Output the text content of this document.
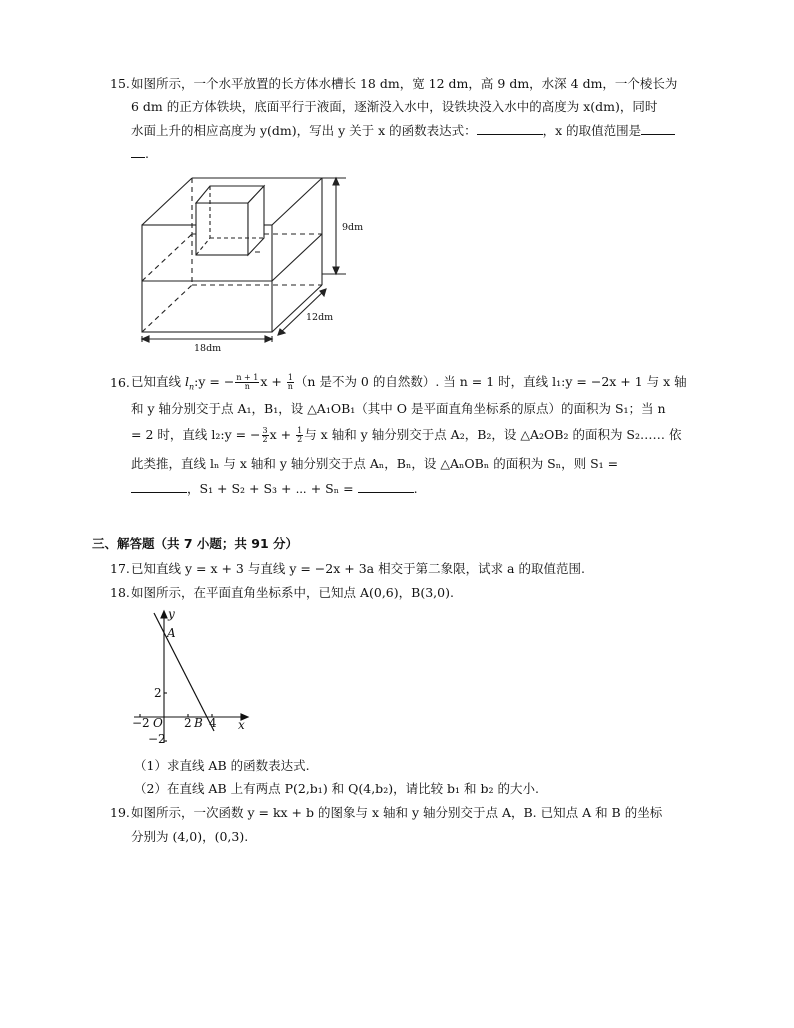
15. 如图所示，一个水平放置的长方体水槽长 18 dm，宽 12 dm，高 9 dm，水深 4 dm，一个棱长为
6 dm 的正方体铁块，底面平行于液面，逐渐没入水中，设铁块没入水中的高度为 x(dm)，同时
水面上升的相应高度为 y(dm)，写出 y 关于 x 的函数表达式：	，x 的取值范围是
.
9dm
12dm
18dm
16. 已知直线 $l_n:y$ = − $\frac{n + 1}{n}$ $x + \frac{1}{n} (n$ 是不为 0 的自然数）. 当 n = 1 时，直线 l₁:y = −2x + 1 与 x 轴
和 y 轴分别交于点 A₁，B₁，设 △A₁OB₁（其中 O 是平面直角坐标系的原点）的面积为 S₁；当 n
= 2 时，直线 l₂:y = − $\frac{3}{2}$ $x + \frac{1}{2}$ 与 x 轴和 y 轴分别交于点 A₂，B₂，设 △A₂OB₂ 的面积为 S₂…… 依
此类推，直线 lₙ 与 x 轴和 y 轴分别交于点 Aₙ，Bₙ，设 △AₙOBₙ 的面积为 Sₙ，则 S₁ =
，S₁ + S₂ + S₃ + ⋯ + Sₙ =	.
三、解答题（共 7 小题；共 91 分）
17. 已知直线 y = x + 3 与直线 y = −2x + 3a 相交于第二象限，试求 a 的取值范围.
18. 如图所示，在平面直角坐标系中，已知点 A(0,6)，B(3,0).
y
x
A
B
O
2
−2	2 4
−2
（1）求直线 AB 的函数表达式.
（2）在直线 AB 上有两点 P(2,b₁) 和 Q(4,b₂)，请比较 b₁ 和 b₂ 的大小.
19. 如图所示，一次函数 y = kx + b 的图象与 x 轴和 y 轴分别交于点 A，B. 已知点 A 和 B 的坐标
分别为 (4,0)，(0,3).
